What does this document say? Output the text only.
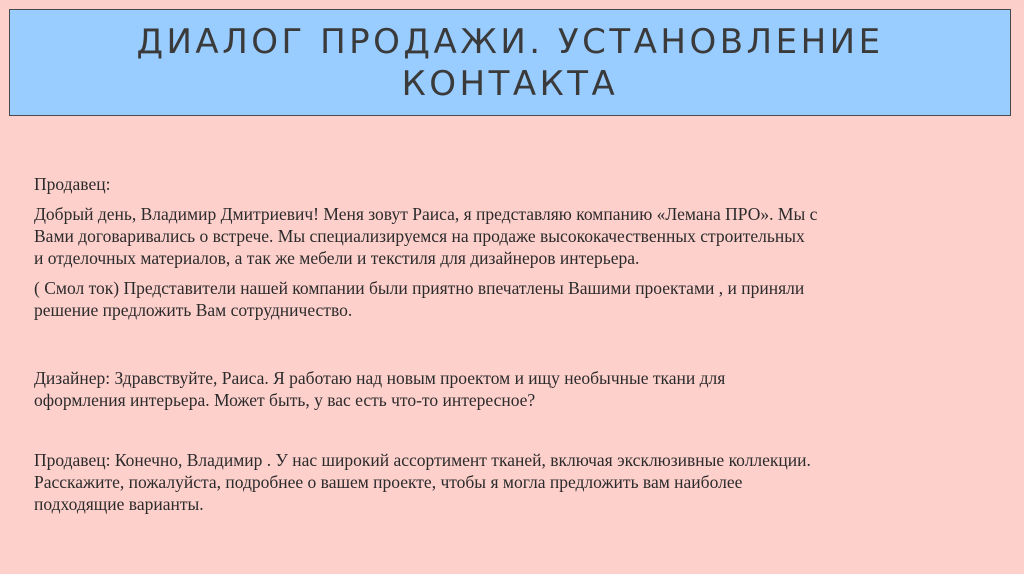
ДИАЛОГ ПРОДАЖИ. УСТАНОВЛЕНИЕ
КОНТАКТА
Продавец:
Добрый день, Владимир Дмитриевич! Меня зовут Раиса, я представляю компанию «Лемана ПРО». Мы с
Вами договаривались о встрече. Мы специализируемся на продаже высококачественных строительных
и отделочных материалов, а так же мебели и текстиля для дизайнеров интерьера.
( Смол ток) Представители нашей компании были приятно впечатлены Вашими проектами , и приняли
решение предложить Вам сотрудничество.
Дизайнер: Здравствуйте, Раиса. Я работаю над новым проектом и ищу необычные ткани для
оформления интерьера. Может быть, у вас есть что-то интересное?
Продавец: Конечно, Владимир . У нас широкий ассортимент тканей, включая эксклюзивные коллекции.
Расскажите, пожалуйста, подробнее о вашем проекте, чтобы я могла предложить вам наиболее
подходящие варианты.
